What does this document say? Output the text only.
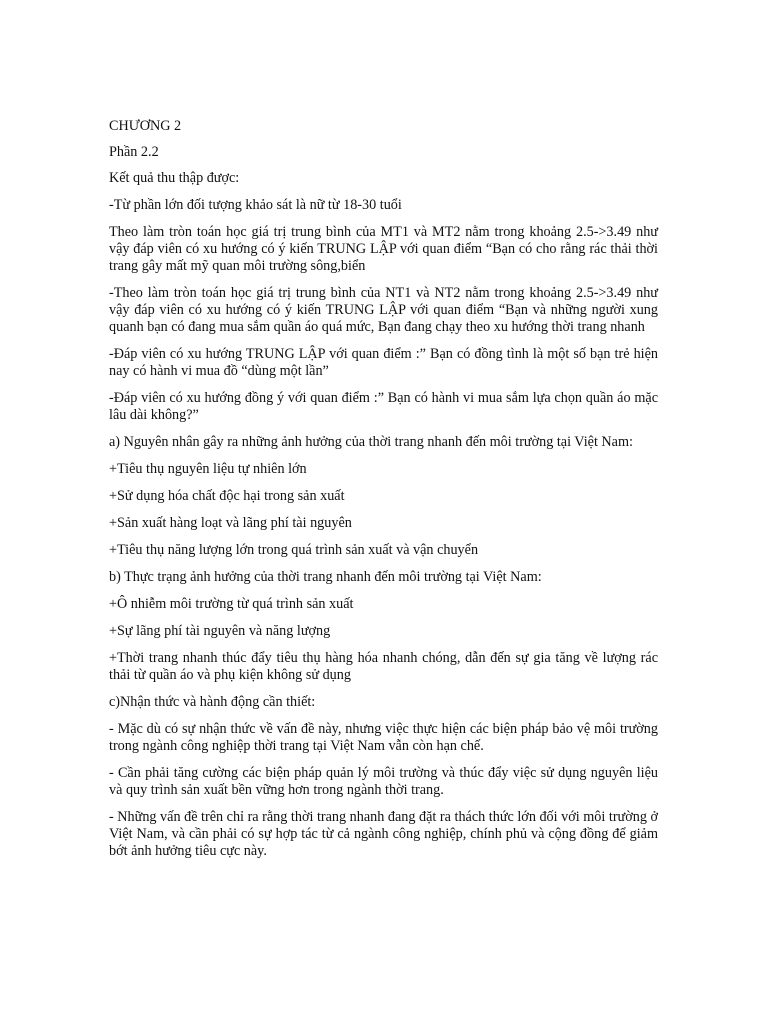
CHƯƠNG 2

Phần 2.2

Kết quả thu thập được:

-Từ phần lớn đối tượng khảo sát là nữ từ 18-30 tuổi

Theo làm tròn toán học giá trị trung bình của MT1 và MT2 nằm trong khoảng 2.5->3.49 như vậy đáp viên có xu hướng có ý kiến TRUNG LẬP với quan điểm “Bạn có cho rằng rác thải thời trang gây mất mỹ quan môi trường sông,biển

-Theo làm tròn toán học giá trị trung bình của NT1 và NT2 nằm trong khoảng 2.5->3.49 như vậy đáp viên có xu hướng có ý kiến TRUNG LẬP với quan điểm “Bạn và những người xung quanh bạn có đang mua sắm quần áo quá mức, Bạn đang chạy theo xu hướng thời trang nhanh

-Đáp viên có xu hướng TRUNG LẬP với quan điểm :” Bạn có đồng tình là một số bạn trẻ hiện nay có hành vi mua đồ “dùng một lần”

-Đáp viên có xu hướng đồng ý với quan điểm :” Bạn có hành vi mua sắm lựa chọn quần áo mặc lâu dài không?”

a) Nguyên nhân gây ra những ảnh hưởng của thời trang nhanh đến môi trường tại Việt Nam:

+Tiêu thụ nguyên liệu tự nhiên lớn

+Sử dụng hóa chất độc hại trong sản xuất

+Sản xuất hàng loạt và lãng phí tài nguyên

+Tiêu thụ năng lượng lớn trong quá trình sản xuất và vận chuyển

b) Thực trạng ảnh hưởng của thời trang nhanh đến môi trường tại Việt Nam:

+Ô nhiễm môi trường từ quá trình sản xuất

+Sự lãng phí tài nguyên và năng lượng

+Thời trang nhanh thúc đẩy tiêu thụ hàng hóa nhanh chóng, dẫn đến sự gia tăng về lượng rác thải từ quần áo và phụ kiện không sử dụng

c)Nhận thức và hành động cần thiết:

- Mặc dù có sự nhận thức về vấn đề này, nhưng việc thực hiện các biện pháp bảo vệ môi trường trong ngành công nghiệp thời trang tại Việt Nam vẫn còn hạn chế.

- Cần phải tăng cường các biện pháp quản lý môi trường và thúc đẩy việc sử dụng nguyên liệu và quy trình sản xuất bền vững hơn trong ngành thời trang.

- Những vấn đề trên chỉ ra rằng thời trang nhanh đang đặt ra thách thức lớn đối với môi trường ở Việt Nam, và cần phải có sự hợp tác từ cả ngành công nghiệp, chính phủ và cộng đồng để giảm bớt ảnh hưởng tiêu cực này.
